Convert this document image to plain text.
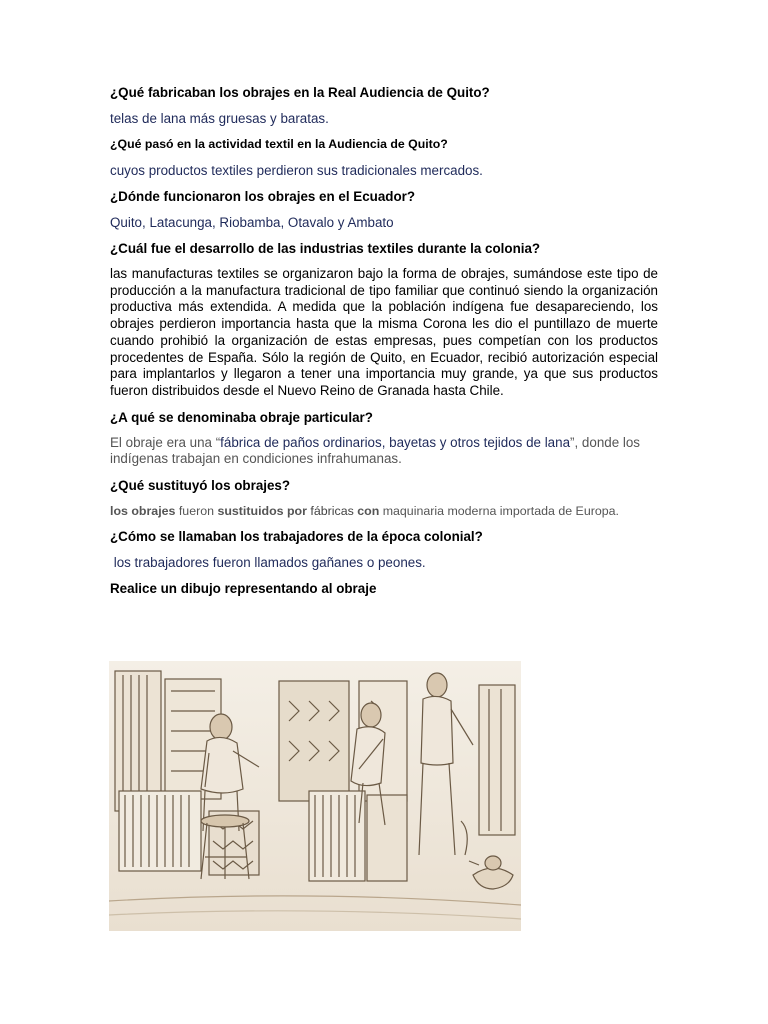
¿Qué fabricaban los obrajes en la Real Audiencia de Quito?

telas de lana más gruesas y baratas.

¿Qué pasó en la actividad textil en la Audiencia de Quito?

cuyos productos textiles perdieron sus tradicionales mercados.

¿Dónde funcionaron los obrajes en el Ecuador?

Quito, Latacunga, Riobamba, Otavalo y Ambato

¿Cuál fue el desarrollo de las industrias textiles durante la colonia?

las manufacturas textiles se organizaron bajo la forma de obrajes, sumándose este tipo de producción a la manufactura tradicional de tipo familiar que continuó siendo la organización productiva más extendida. A medida que la población indígena fue desapareciendo, los obrajes perdieron importancia hasta que la misma Corona les dio el puntillazo de muerte cuando prohibió la organización de estas empresas, pues competían con los productos procedentes de España. Sólo la región de Quito, en Ecuador, recibió autorización especial para implantarlos y llegaron a tener una importancia muy grande, ya que sus productos fueron distribuidos desde el Nuevo Reino de Granada hasta Chile.

¿A qué se denominaba obraje particular?

El obraje era una “fábrica de paños ordinarios, bayetas y otros tejidos de lana”, donde los indígenas trabajan en condiciones infrahumanas.

¿Qué sustituyó los obrajes?

los obrajes fueron sustituidos por fábricas con maquinaria moderna importada de Europa.

¿Cómo se llamaban los trabajadores de la época colonial?

los trabajadores fueron llamados gañanes o peones.

Realice un dibujo representando al obraje
